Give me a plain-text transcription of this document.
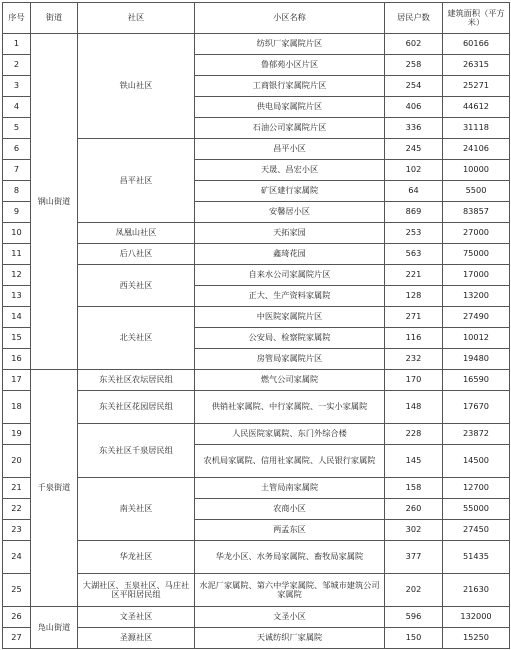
序号	街道	社区	小区名称	居民户数	建筑面积（平方米）
1	钢山街道	铁山社区	纺织厂家属院片区	602	60166
2			鲁郁苑小区片区	258	26315
3			工商银行家属院片区	254	25271
4			供电局家属院片区	406	44612
5			石油公司家属院片区	336	31118
6		昌平社区	昌平小区	245	24106
7			天晟、昌宏小区	102	10000
8			矿区建行家属院	64	5500
9			安馨居小区	869	83857
10		凤凰山社区	天拓家园	253	27000
11		后八社区	鑫琦花园	563	75000
12		西关社区	自来水公司家属院片区	221	17000
13			正大、生产资料家属院	128	13200
14		北关社区	中医院家属院片区	271	27490
15			公安局、检察院家属院	116	10012
16			房管局家属院片区	232	19480
17	千泉街道	东关社区农坛居民组	燃气公司家属院	170	16590
18		东关社区花园居民组	供销社家属院、中行家属院、一实小家属院	148	17670
19		东关社区千泉居民组	人民医院家属院、东门外综合楼	228	23872
20			农机局家属院、信用社家属院、人民银行家属院	145	14500
21		南关社区	土管局南家属院	158	12700
22			农商小区	260	55000
23			两孟东区	302	27450
24		华龙社区	华龙小区、水务局家属院、畜牧局家属院	377	51435
25		大湖社区、玉泉社区、马庄社区平阳居民组	水泥厂家属院、第六中学家属院、邹城市建筑公司家属院	202	21630
26	凫山街道	文圣社区	文圣小区	596	132000
27		圣源社区	天诚纺织厂家属院	150	15250
